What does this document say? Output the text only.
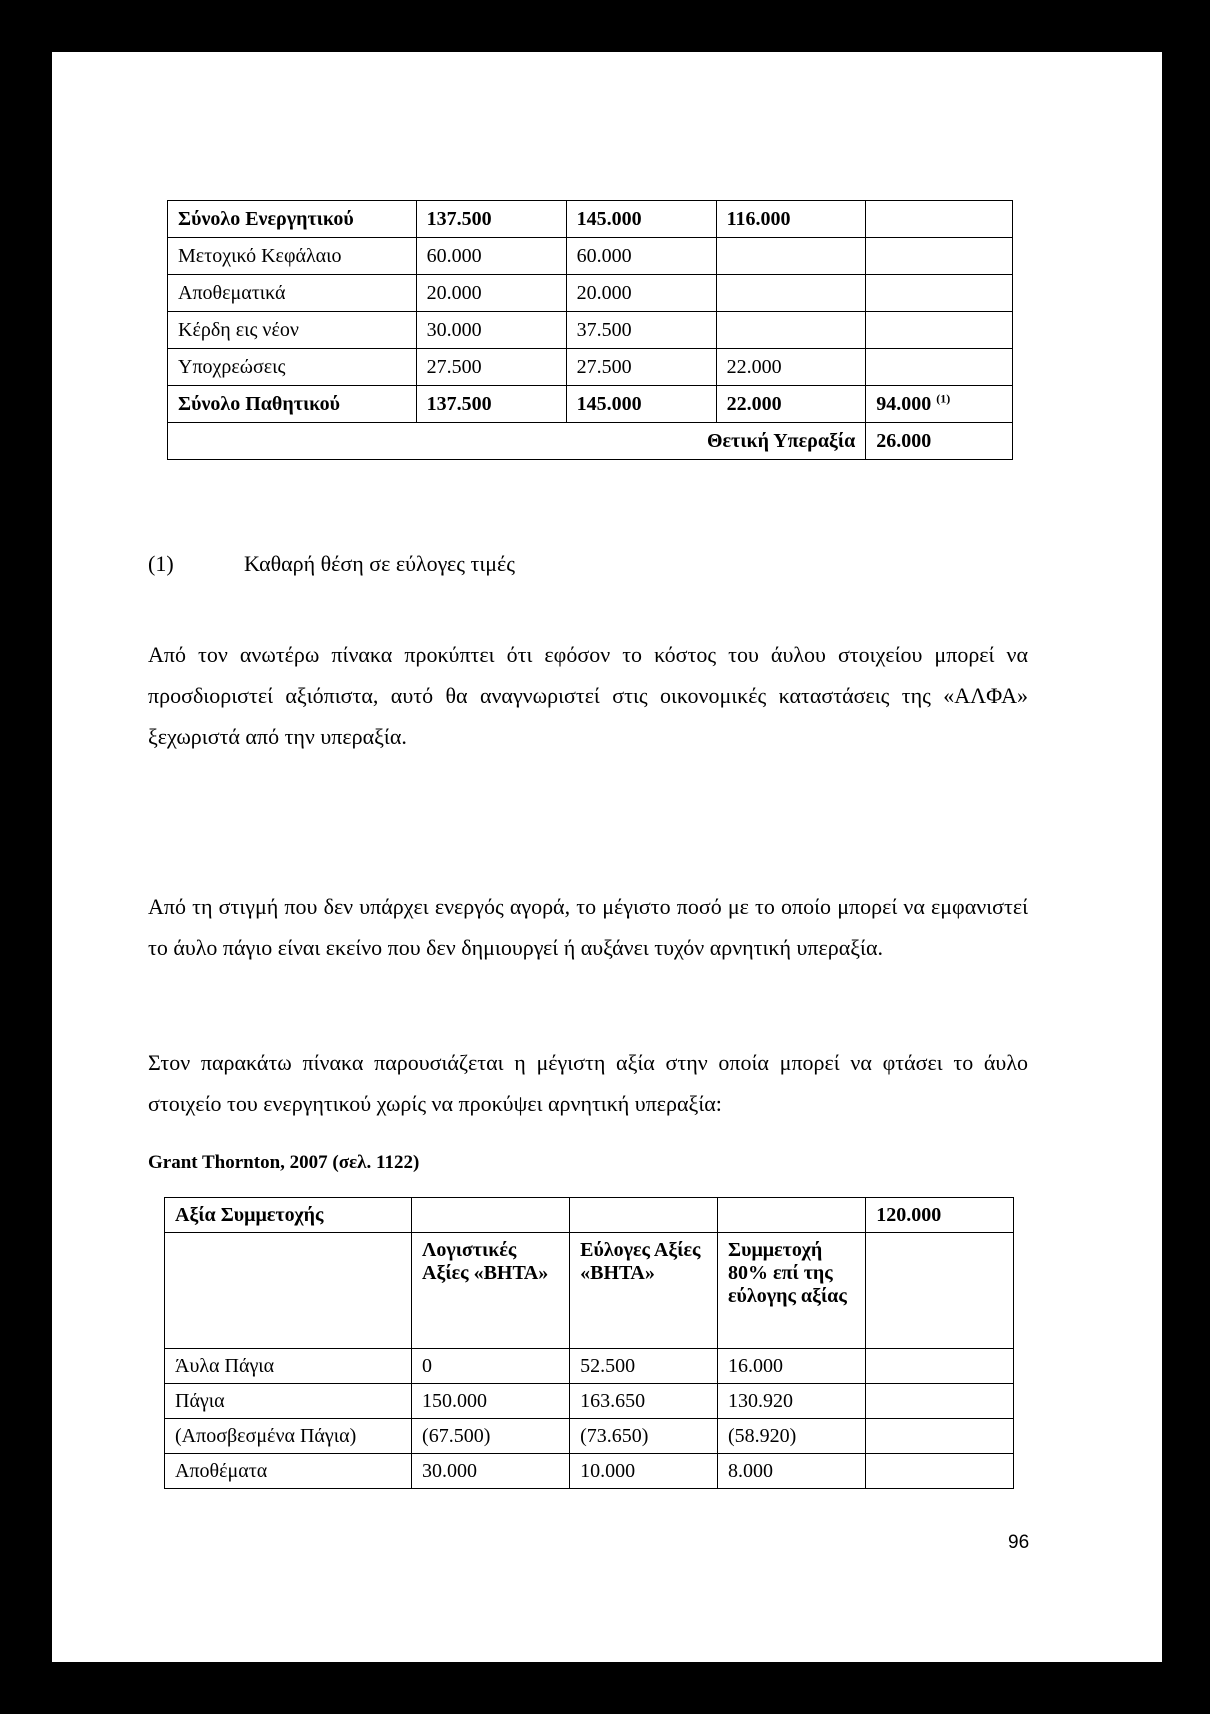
Σύνολο Ενεργητικού	137.500	145.000	116.000	
Μετοχικό Κεφάλαιο	60.000	60.000		
Αποθεματικά	20.000	20.000		
Κέρδη εις νέον	30.000	37.500		
Υποχρεώσεις	27.500	27.500	22.000	
Σύνολο Παθητικού	137.500	145.000	22.000	94.000 $^{(1)}$
Θετική Υπεραξία				26.000
(1)	Καθαρή θέση σε εύλογες τιμές

Από τον ανωτέρω πίνακα προκύπτει ότι εφόσον το κόστος του άυλου στοιχείου μπορεί να προσδιοριστεί αξιόπιστα, αυτό θα αναγνωριστεί στις οικονομικές καταστάσεις της «ΑΛΦΑ» ξεχωριστά από την υπεραξία.

Από τη στιγμή που δεν υπάρχει ενεργός αγορά, το μέγιστο ποσό με το οποίο μπορεί να εμφανιστεί το άυλο πάγιο είναι εκείνο που δεν δημιουργεί ή αυξάνει τυχόν αρνητική υπεραξία.

Στον παρακάτω πίνακα παρουσιάζεται η μέγιστη αξία στην οποία μπορεί να φτάσει το άυλο στοιχείο του ενεργητικού χωρίς να προκύψει αρνητική υπεραξία:

Grant Thornton, 2007 (σελ. 1122)
Αξία Συμμετοχής				120.000
	Λογιστικές Αξίες «ΒΗΤΑ»	Εύλογες Αξίες «ΒΗΤΑ»	Συμμετοχή 80% επί της εύλογης αξίας	
Άυλα Πάγια	0	52.500	16.000	
Πάγια	150.000	163.650	130.920	
(Αποσβεσμένα Πάγια)	(67.500)	(73.650)	(58.920)	
Αποθέματα	30.000	10.000	8.000	
96
